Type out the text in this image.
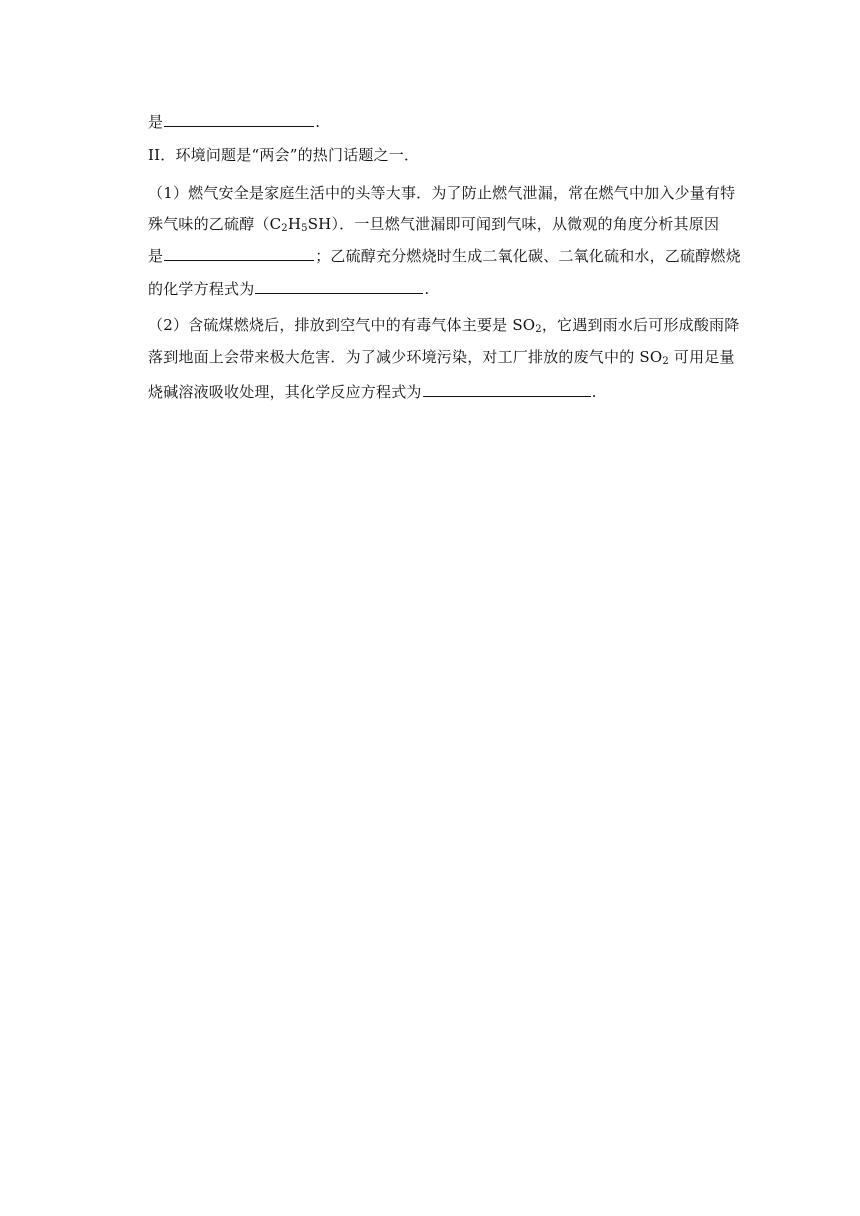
是	.
II．环境问题是“两会”的热门话题之一．
（1）燃气安全是家庭生活中的头等大事．为了防止燃气泄漏，常在燃气中加入少量有特
殊气味的乙硫醇$(C_2H_5SH)$．一旦燃气泄漏即可闻到气味，从微观的角度分析其原因
是	；乙硫醇充分燃烧时生成二氧化碳、二氧化硫和水，乙硫醇燃烧
的化学方程式为	.
（2）含硫煤燃烧后，排放到空气中的有毒气体主要是 $SO_2$，它遇到雨水后可形成酸雨降
落到地面上会带来极大危害．为了减少环境污染，对工厂排放的废气中的 $SO_2$ 可用足量
烧碱溶液吸收处理，其化学反应方程式为	.
